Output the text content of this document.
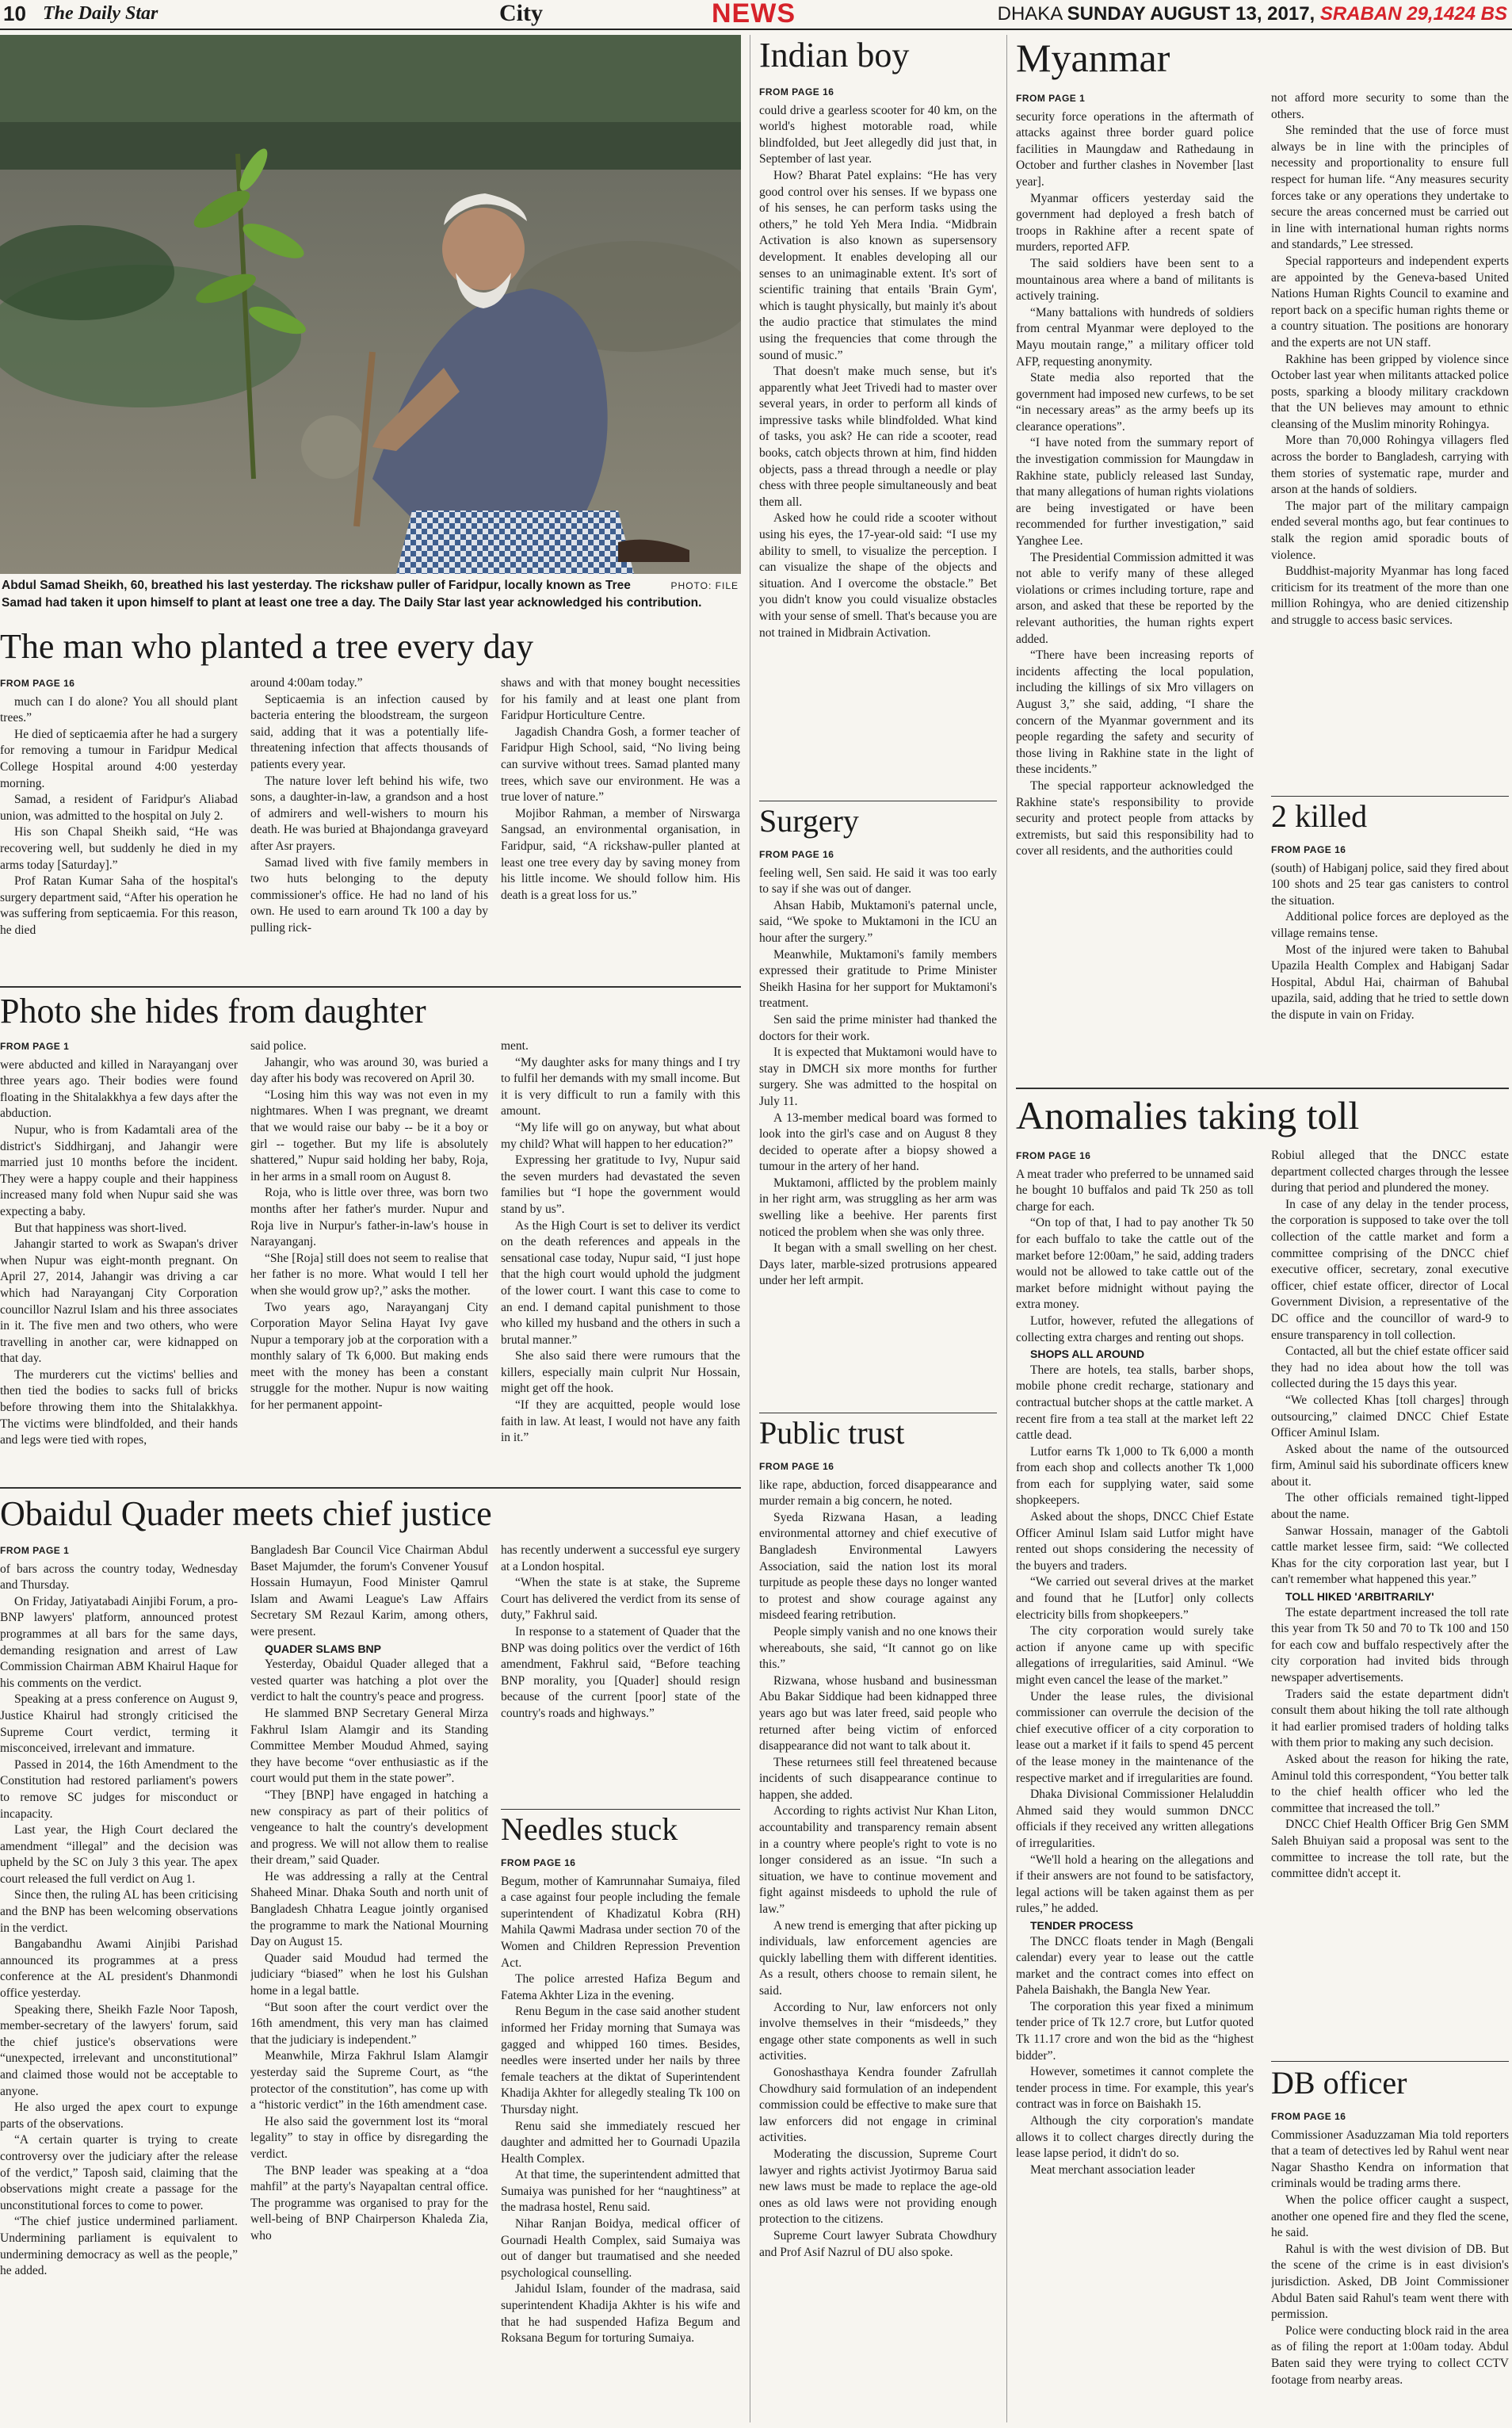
10 The Daily Star	City	NEWS	DHAKA SUNDAY AUGUST 13, 2017, SRABAN 29,1424 BS
PHOTO: FILE
Abdul Samad Sheikh, 60, breathed his last yesterday. The rickshaw puller of Faridpur, locally known as Tree Samad had taken it upon himself to plant at least one tree a day. The Daily Star last year acknowledged his contribution.
The man who planted a tree every day
FROM PAGE 16

much can I do alone? You all should plant trees.”

He died of septicaemia after he had a surgery for removing a tumour in Faridpur Medical College Hospital around 4:00 yesterday morning.

Samad, a resident of Faridpur's Aliabad union, was admitted to the hospital on July 2.

His son Chapal Sheikh said, “He was recovering well, but suddenly he died in my arms today [Saturday].”

Prof Ratan Kumar Saha of the hospital's surgery department said, “After his operation he was suffering from septicaemia. For this reason, he died

around 4:00am today.”

Septicaemia is an infection caused by bacteria entering the bloodstream, the surgeon said, adding that it was a potentially life-threatening infection that affects thousands of patients every year.

The nature lover left behind his wife, two sons, a daughter-in-law, a grandson and a host of admirers and well-wishers to mourn his death. He was buried at Bhajondanga graveyard after Asr prayers.

Samad lived with five family members in two huts belonging to the deputy commissioner's office. He had no land of his own. He used to earn around Tk 100 a day by pulling rick-

shaws and with that money bought necessities for his family and at least one plant from Faridpur Horticulture Centre.

Jagadish Chandra Gosh, a former teacher of Faridpur High School, said, “No living being can survive without trees. Samad planted many trees, which save our environment. He was a true lover of nature.”

Mojibor Rahman, a member of Nirswarga Sangsad, an environmental organisation, in Faridpur, said, “A rickshaw-puller planted at least one tree every day by saving money from his little income. We should follow him. His death is a great loss for us.”

Photo she hides from daughter
FROM PAGE 1

were abducted and killed in Narayanganj over three years ago. Their bodies were found floating in the Shitalakkhya a few days after the abduction.

Nupur, who is from Kadamtali area of the district's Siddhirganj, and Jahangir were married just 10 months before the incident. They were a happy couple and their happiness increased many fold when Nupur said she was expecting a baby.

But that happiness was short-lived.

Jahangir started to work as Swapan's driver when Nupur was eight-month pregnant. On April 27, 2014, Jahangir was driving a car which had Narayanganj City Corporation councillor Nazrul Islam and his three associates in it. The five men and two others, who were travelling in another car, were kidnapped on that day.

The murderers cut the victims' bellies and then tied the bodies to sacks full of bricks before throwing them into the Shitalakkhya. The victims were blindfolded, and their hands and legs were tied with ropes,

said police.

Jahangir, who was around 30, was buried a day after his body was recovered on April 30.

“Losing him this way was not even in my nightmares. When I was pregnant, we dreamt that we would raise our baby -- be it a boy or girl -- together. But my life is absolutely shattered,” Nupur said holding her baby, Roja, in her arms in a small room on August 8.

Roja, who is little over three, was born two months after her father's murder. Nupur and Roja live in Nurpur's father-in-law's house in Narayanganj.

“She [Roja] still does not seem to realise that her father is no more. What would I tell her when she would grow up?,” asks the mother.

Two years ago, Narayanganj City Corporation Mayor Selina Hayat Ivy gave Nupur a temporary job at the corporation with a monthly salary of Tk 6,000. But making ends meet with the money has been a constant struggle for the mother. Nupur is now waiting for her permanent appoint-

ment.

“My daughter asks for many things and I try to fulfil her demands with my small income. But it is very difficult to run a family with this amount.

“My life will go on anyway, but what about my child? What will happen to her education?”

Expressing her gratitude to Ivy, Nupur said the seven murders had devastated the seven families but “I hope the government would stand by us”.

As the High Court is set to deliver its verdict on the death references and appeals in the sensational case today, Nupur said, “I just hope that the high court would uphold the judgment of the lower court. I want this case to come to an end. I demand capital punishment to those who killed my husband and the others in such a brutal manner.”

She also said there were rumours that the killers, especially main culprit Nur Hossain, might get off the hook.

“If they are acquitted, people would lose faith in law. At least, I would not have any faith in it.”

Obaidul Quader meets chief justice
FROM PAGE 1

of bars across the country today, Wednesday and Thursday.

On Friday, Jatiyatabadi Ainjibi Forum, a pro-BNP lawyers' platform, announced protest programmes at all bars for the same days, demanding resignation and arrest of Law Commission Chairman ABM Khairul Haque for his comments on the verdict.

Speaking at a press conference on August 9, Justice Khairul had strongly criticised the Supreme Court verdict, terming it misconceived, irrelevant and immature.

Passed in 2014, the 16th Amendment to the Constitution had restored parliament's powers to remove SC judges for misconduct or incapacity.

Last year, the High Court declared the amendment “illegal” and the decision was upheld by the SC on July 3 this year. The apex court released the full verdict on Aug 1.

Since then, the ruling AL has been criticising and the BNP has been welcoming observations in the verdict.

Bangabandhu Awami Ainjibi Parishad announced its programmes at a press conference at the AL president's Dhanmondi office yesterday.

Speaking there, Sheikh Fazle Noor Taposh, member-secretary of the lawyers' forum, said the chief justice's observations were “unexpected, irrelevant and unconstitutional” and claimed those would not be acceptable to anyone.

He also urged the apex court to expunge parts of the observations.

“A certain quarter is trying to create controversy over the judiciary after the release of the verdict,” Taposh said, claiming that the observations might create a passage for the unconstitutional forces to come to power.

“The chief justice undermined parliament. Undermining parliament is equivalent to undermining democracy as well as the people,” he added.

Bangladesh Bar Council Vice Chairman Abdul Baset Majumder, the forum's Convener Yousuf Hossain Humayun, Food Minister Qamrul Islam and Awami League's Law Affairs Secretary SM Rezaul Karim, among others, were present.

QUADER SLAMS BNP

Yesterday, Obaidul Quader alleged that a vested quarter was hatching a plot over the verdict to halt the country's peace and progress.

He slammed BNP Secretary General Mirza Fakhrul Islam Alamgir and its Standing Committee Member Moudud Ahmed, saying they have become “over enthusiastic as if the court would put them in the state power”.

“They [BNP] have engaged in hatching a new conspiracy as part of their politics of vengeance to halt the country's development and progress. We will not allow them to realise their dream,” said Quader.

He was addressing a rally at the Central Shaheed Minar. Dhaka South and north unit of Bangladesh Chhatra League jointly organised the programme to mark the National Mourning Day on August 15.

Quader said Moudud had termed the judiciary “biased” when he lost his Gulshan home in a legal battle.

“But soon after the court verdict over the 16th amendment, this very man has claimed that the judiciary is independent.”

Meanwhile, Mirza Fakhrul Islam Alamgir yesterday said the Supreme Court, as “the protector of the constitution”, has come up with a “historic verdict” in the 16th amendment case.

He also said the government lost its “moral legality” to stay in office by disregarding the verdict.

The BNP leader was speaking at a “doa mahfil” at the party's Nayapaltan central office. The programme was organised to pray for the well-being of BNP Chairperson Khaleda Zia, who

has recently underwent a successful eye surgery at a London hospital.

“When the state is at stake, the Supreme Court has delivered the verdict from its sense of duty,” Fakhrul said.

In response to a statement of Quader that the BNP was doing politics over the verdict of 16th amendment, Fakhrul said, “Before teaching BNP morality, you [Quader] should resign because of the current [poor] state of the country's roads and highways.”

Needles stuck
FROM PAGE 16

Begum, mother of Kamrunnahar Sumaiya, filed a case against four people including the female superintendent of Khadizatul Kobra (RH) Mahila Qawmi Madrasa under section 70 of the Women and Children Repression Prevention Act.

The police arrested Hafiza Begum and Fatema Akhter Liza in the evening.

Renu Begum in the case said another student informed her Friday morning that Sumaya was gagged and whipped 160 times. Besides, needles were inserted under her nails by three female teachers at the diktat of Superintendent Khadija Akhter for allegedly stealing Tk 100 on Thursday night.

Renu said she immediately rescued her daughter and admitted her to Gournadi Upazila Health Complex.

At that time, the superintendent admitted that Sumaiya was punished for her “naughtiness” at the madrasa hostel, Renu said.

Nihar Ranjan Boidya, medical officer of Gournadi Health Complex, said Sumaiya was out of danger but traumatised and she needed psychological counselling.

Jahidul Islam, founder of the madrasa, said superintendent Khadija Akhter is his wife and that he had suspended Hafiza Begum and Roksana Begum for torturing Sumaiya.

Indian boy
FROM PAGE 16

could drive a gearless scooter for 40 km, on the world's highest motorable road, while blindfolded, but Jeet allegedly did just that, in September of last year.

How? Bharat Patel explains: “He has very good control over his senses. If we bypass one of his senses, he can perform tasks using the others,” he told Yeh Mera India. “Midbrain Activation is also known as supersensory development. It enables developing all our senses to an unimaginable extent. It's sort of scientific training that entails 'Brain Gym', which is taught physically, but mainly it's about the audio practice that stimulates the mind using the frequencies that come through the sound of music.”

That doesn't make much sense, but it's apparently what Jeet Trivedi had to master over several years, in order to perform all kinds of impressive tasks while blindfolded. What kind of tasks, you ask? He can ride a scooter, read books, catch objects thrown at him, find hidden objects, pass a thread through a needle or play chess with three people simultaneously and beat them all.

Asked how he could ride a scooter without using his eyes, the 17-year-old said: “I use my ability to smell, to visualize the perception. I can visualize the shape of the objects and situation. And I overcome the obstacle.” Bet you didn't know you could visualize obstacles with your sense of smell. That's because you are not trained in Midbrain Activation.

Surgery
FROM PAGE 16

feeling well, Sen said. He said it was too early to say if she was out of danger.

Ahsan Habib, Muktamoni's paternal uncle, said, “We spoke to Muktamoni in the ICU an hour after the surgery.”

Meanwhile, Muktamoni's family members expressed their gratitude to Prime Minister Sheikh Hasina for her support for Muktamoni's treatment.

Sen said the prime minister had thanked the doctors for their work.

It is expected that Muktamoni would have to stay in DMCH six more months for further surgery. She was admitted to the hospital on July 11.

A 13-member medical board was formed to look into the girl's case and on August 8 they decided to operate after a biopsy showed a tumour in the artery of her hand.

Muktamoni, afflicted by the problem mainly in her right arm, was struggling as her arm was swelling like a beehive. Her parents first noticed the problem when she was only three.

It began with a small swelling on her chest. Days later, marble-sized protrusions appeared under her left armpit.

Public trust
FROM PAGE 16

like rape, abduction, forced disappearance and murder remain a big concern, he noted.

Syeda Rizwana Hasan, a leading environmental attorney and chief executive of Bangladesh Environmental Lawyers Association, said the nation lost its moral turpitude as people these days no longer wanted to protest and show courage against any misdeed fearing retribution.

People simply vanish and no one knows their whereabouts, she said, “It cannot go on like this.”

Rizwana, whose husband and businessman Abu Bakar Siddique had been kidnapped three years ago but was later freed, said people who returned after being victim of enforced disappearance did not want to talk about it.

These returnees still feel threatened because incidents of such disappearance continue to happen, she added.

According to rights activist Nur Khan Liton, accountability and transparency remain absent in a country where people's right to vote is no longer considered as an issue. “In such a situation, we have to continue movement and fight against misdeeds to uphold the rule of law.”

A new trend is emerging that after picking up individuals, law enforcement agencies are quickly labelling them with different identities. As a result, others choose to remain silent, he said.

According to Nur, law enforcers not only involve themselves in their “misdeeds,” they engage other state components as well in such activities.

Gonoshasthaya Kendra founder Zafrullah Chowdhury said formulation of an independent commission could be effective to make sure that law enforcers did not engage in criminal activities.

Moderating the discussion, Supreme Court lawyer and rights activist Jyotirmoy Barua said new laws must be made to replace the age-old ones as old laws were not providing enough protection to the citizens.

Supreme Court lawyer Subrata Chowdhury and Prof Asif Nazrul of DU also spoke.

Myanmar
FROM PAGE 1

security force operations in the aftermath of attacks against three border guard police facilities in Maungdaw and Rathedaung in October and further clashes in November [last year].

Myanmar officers yesterday said the government had deployed a fresh batch of troops in Rakhine after a recent spate of murders, reported AFP.

The said soldiers have been sent to a mountainous area where a band of militants is actively training.

“Many battalions with hundreds of soldiers from central Myanmar were deployed to the Mayu moutain range,” a military officer told AFP, requesting anonymity.

State media also reported that the government had imposed new curfews, to be set “in necessary areas” as the army beefs up its clearance operations”.

“I have noted from the summary report of the investigation commission for Maungdaw in Rakhine state, publicly released last Sunday, that many allegations of human rights violations are being investigated or have been recommended for further investigation,” said Yanghee Lee.

The Presidential Commission admitted it was not able to verify many of these alleged violations or crimes including torture, rape and arson, and asked that these be reported by the relevant authorities, the human rights expert added.

“There have been increasing reports of incidents affecting the local population, including the killings of six Mro villagers on August 3,” she said, adding, “I share the concern of the Myanmar government and its people regarding the safety and security of those living in Rakhine state in the light of these incidents.”

The special rapporteur acknowledged the Rakhine state's responsibility to provide security and protect people from attacks by extremists, but said this responsibility had to cover all residents, and the authorities could

not afford more security to some than the others.

She reminded that the use of force must always be in line with the principles of necessity and proportionality to ensure full respect for human life. “Any measures security forces take or any operations they undertake to secure the areas concerned must be carried out in line with international human rights norms and standards,” Lee stressed.

Special rapporteurs and independent experts are appointed by the Geneva-based United Nations Human Rights Council to examine and report back on a specific human rights theme or a country situation. The positions are honorary and the experts are not UN staff.

Rakhine has been gripped by violence since October last year when militants attacked police posts, sparking a bloody military crackdown that the UN believes may amount to ethnic cleansing of the Muslim minority Rohingya.

More than 70,000 Rohingya villagers fled across the border to Bangladesh, carrying with them stories of systematic rape, murder and arson at the hands of soldiers.

The major part of the military campaign ended several months ago, but fear continues to stalk the region amid sporadic bouts of violence.

Buddhist-majority Myanmar has long faced criticism for its treatment of the more than one million Rohingya, who are denied citizenship and struggle to access basic services.

2 killed
FROM PAGE 16

(south) of Habiganj police, said they fired about 100 shots and 25 tear gas canisters to control the situation.

Additional police forces are deployed as the village remains tense.

Most of the injured were taken to Bahubal Upazila Health Complex and Habiganj Sadar Hospital, Abdul Hai, chairman of Bahubal upazila, said, adding that he tried to settle down the dispute in vain on Friday.

Anomalies taking toll
FROM PAGE 16

A meat trader who preferred to be unnamed said he bought 10 buffalos and paid Tk 250 as toll charge for each.

“On top of that, I had to pay another Tk 50 for each buffalo to take the cattle out of the market before 12:00am,” he said, adding traders would not be allowed to take cattle out of the market before midnight without paying the extra money.

Lutfor, however, refuted the allegations of collecting extra charges and renting out shops.

SHOPS ALL AROUND

There are hotels, tea stalls, barber shops, mobile phone credit recharge, stationary and contractual butcher shops at the cattle market. A recent fire from a tea stall at the market left 22 cattle dead.

Lutfor earns Tk 1,000 to Tk 6,000 a month from each shop and collects another Tk 1,000 from each for supplying water, said some shopkeepers.

Asked about the shops, DNCC Chief Estate Officer Aminul Islam said Lutfor might have rented out shops considering the necessity of the buyers and traders.

“We carried out several drives at the market and found that he [Lutfor] only collects electricity bills from shopkeepers.”

The city corporation would surely take action if anyone came up with specific allegations of irregularities, said Aminul. “We might even cancel the lease of the market.”

Under the lease rules, the divisional commissioner can overrule the decision of the chief executive officer of a city corporation to lease out a market if it fails to spend 45 percent of the lease money in the maintenance of the respective market and if irregularities are found.

Dhaka Divisional Commissioner Helaluddin Ahmed said they would summon DNCC officials if they received any written allegations of irregularities.

“We'll hold a hearing on the allegations and if their answers are not found to be satisfactory, legal actions will be taken against them as per rules,” he added.

TENDER PROCESS

The DNCC floats tender in Magh (Bengali calendar) every year to lease out the cattle market and the contract comes into effect on Pahela Baishakh, the Bangla New Year.

The corporation this year fixed a minimum tender price of Tk 12.7 crore, but Lutfor quoted Tk 11.17 crore and won the bid as the “highest bidder”.

However, sometimes it cannot complete the tender process in time. For example, this year's contract was in force on Baishakh 15.

Although the city corporation's mandate allows it to collect charges directly during the lease lapse period, it didn't do so.

Meat merchant association leader

Robiul alleged that the DNCC estate department collected charges through the lessee during that period and plundered the money.

In case of any delay in the tender process, the corporation is supposed to take over the toll collection of the cattle market and form a committee comprising of the DNCC chief executive officer, secretary, zonal executive officer, chief estate officer, director of Local Government Division, a representative of the DC office and the councillor of ward-9 to ensure transparency in toll collection.

Contacted, all but the chief estate officer said they had no idea about how the toll was collected during the 15 days this year.

“We collected Khas [toll charges] through outsourcing,” claimed DNCC Chief Estate Officer Aminul Islam.

Asked about the name of the outsourced firm, Aminul said his subordinate officers knew about it.

The other officials remained tight-lipped about the name.

Sanwar Hossain, manager of the Gabtoli cattle market lessee firm, said: “We collected Khas for the city corporation last year, but I can't remember what happened this year.”

TOLL HIKED 'ARBITRARILY'

The estate department increased the toll rate this year from Tk 50 and 70 to Tk 100 and 150 for each cow and buffalo respectively after the city corporation had invited bids through newspaper advertisements.

Traders said the estate department didn't consult them about hiking the toll rate although it had earlier promised traders of holding talks with them prior to making any such decision.

Asked about the reason for hiking the rate, Aminul told this correspondent, “You better talk to the chief health officer who led the committee that increased the toll.”

DNCC Chief Health Officer Brig Gen SMM Saleh Bhuiyan said a proposal was sent to the committee to increase the toll rate, but the committee didn't accept it.

DB officer
FROM PAGE 16

Commissioner Asaduzzaman Mia told reporters that a team of detectives led by Rahul went near Nagar Shastho Kendra on information that criminals would be trading arms there.

When the police officer caught a suspect, another one opened fire and they fled the scene, he said.

Rahul is with the west division of DB. But the scene of the crime is in east division's jurisdiction. Asked, DB Joint Commissioner Abdul Baten said Rahul's team went there with permission.

Police were conducting block raid in the area as of filing the report at 1:00am today. Abdul Baten said they were trying to collect CCTV footage from nearby areas.
